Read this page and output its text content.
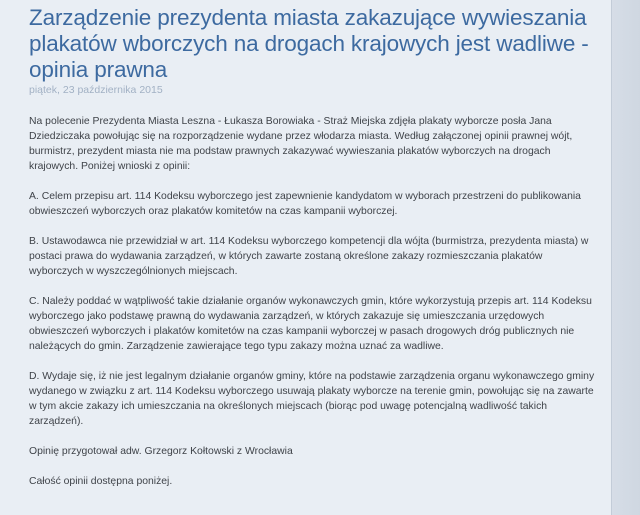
Zarządzenie prezydenta miasta zakazujące wywieszania plakatów wborczych na drogach krajowych jest wadliwe - opinia prawna
piątek, 23 października 2015

Na polecenie Prezydenta Miasta Leszna - Łukasza Borowiaka - Straż Miejska zdjęła plakaty wyborcze posła Jana Dziedziczaka powołując się na rozporządzenie wydane przez włodarza miasta. Według załączonej opinii prawnej wójt, burmistrz, prezydent miasta nie ma podstaw prawnych zakazywać wywieszania plakatów wyborczych na drogach krajowych. Poniżej wnioski z opinii:

A. Celem przepisu art. 114 Kodeksu wyborczego jest zapewnienie kandydatom w wyborach przestrzeni do publikowania obwieszczeń wyborczych oraz plakatów komitetów na czas kampanii wyborczej.

B. Ustawodawca nie przewidział w art. 114 Kodeksu wyborczego kompetencji dla wójta (burmistrza, prezydenta miasta) w postaci prawa do wydawania zarządzeń, w których zawarte zostaną określone zakazy rozmieszczania plakatów wyborczych w wyszczególnionych miejscach.

C. Należy poddać w wątpliwość takie działanie organów wykonawczych gmin, które wykorzystują przepis art. 114 Kodeksu wyborczego jako podstawę prawną do wydawania zarządzeń, w których zakazuje się umieszczania urzędowych obwieszczeń wyborczych i plakatów komitetów na czas kampanii wyborczej w pasach drogowych dróg publicznych nie należących do gmin. Zarządzenie zawierające tego typu zakazy można uznać za wadliwe.

D. Wydaje się, iż nie jest legalnym działanie organów gminy, które na podstawie zarządzenia organu wykonawczego gminy wydanego w związku z art. 114 Kodeksu wyborczego usuwają plakaty wyborcze na terenie gmin, powołując się na zawarte w tym akcie zakazy ich umieszczania na określonych miejscach (biorąc pod uwagę potencjalną wadliwość takich zarządzeń).

Opinię przygotował adw. Grzegorz Kołtowski z Wrocławia

Całość opinii dostępna poniżej.
